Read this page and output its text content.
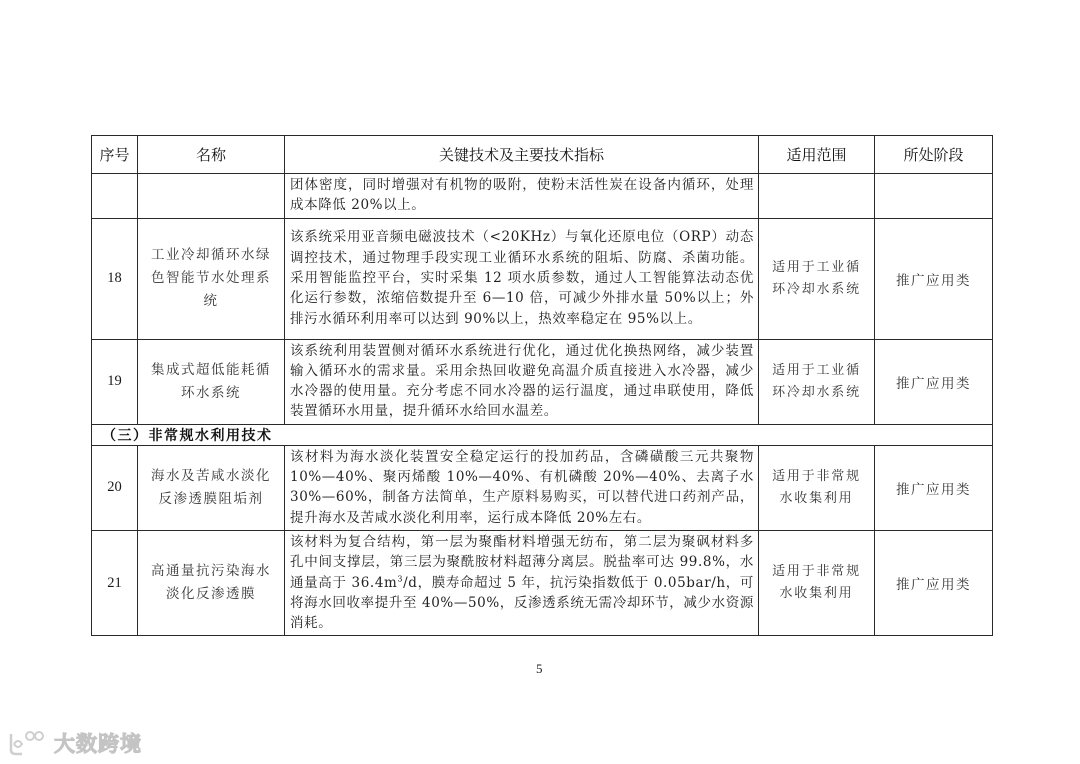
序号	名称	关键技术及主要技术指标	适用范围	所处阶段
		团体密度，同时增强对有机物的吸附，使粉末活性炭在设备内循环，处理成本降低 20%以上。		
18	工业冷却循环水绿色智能节水处理系统	该系统采用亚音频电磁波技术（<20KHz）与氧化还原电位（ORP）动态调控技术，通过物理手段实现工业循环水系统的阻垢、防腐、杀菌功能。采用智能监控平台，实时采集 12 项水质参数，通过人工智能算法动态优化运行参数，浓缩倍数提升至 6—10 倍，可减少外排水量 50%以上；外排污水循环利用率可以达到 90%以上，热效率稳定在 95%以上。	适用于工业循环冷却水系统	推广应用类
19	集成式超低能耗循环水系统	该系统利用装置侧对循环水系统进行优化，通过优化换热网络，减少装置输入循环水的需求量。采用余热回收避免高温介质直接进入水冷器，减少水冷器的使用量。充分考虑不同水冷器的运行温度，通过串联使用，降低装置循环水用量，提升循环水给回水温差。	适用于工业循环冷却水系统	推广应用类
（三）非常规水利用技术				
20	海水及苦咸水淡化反渗透膜阻垢剂	该材料为海水淡化装置安全稳定运行的投加药品，含磷磺酸三元共聚物 10%—40%、聚丙烯酸 10%—40%、有机磷酸 20%—40%、去离子水 30%—60%，制备方法简单，生产原料易购买，可以替代进口药剂产品，提升海水及苦咸水淡化利用率，运行成本降低 20%左右。	适用于非常规水收集利用	推广应用类
21	高通量抗污染海水淡化反渗透膜	该材料为复合结构，第一层为聚酯材料增强无纺布，第二层为聚砜材料多孔中间支撑层，第三层为聚酰胺材料超薄分离层。脱盐率可达 99.8%，水通量高于 $36.4m^3/d$，膜寿命超过 5 年，抗污染指数低于 0.05bar/h，可将海水回收率提升至 40%—50%，反渗透系统无需冷却环节，减少水资源消耗。	适用于非常规水收集利用	推广应用类
5
大数跨境
